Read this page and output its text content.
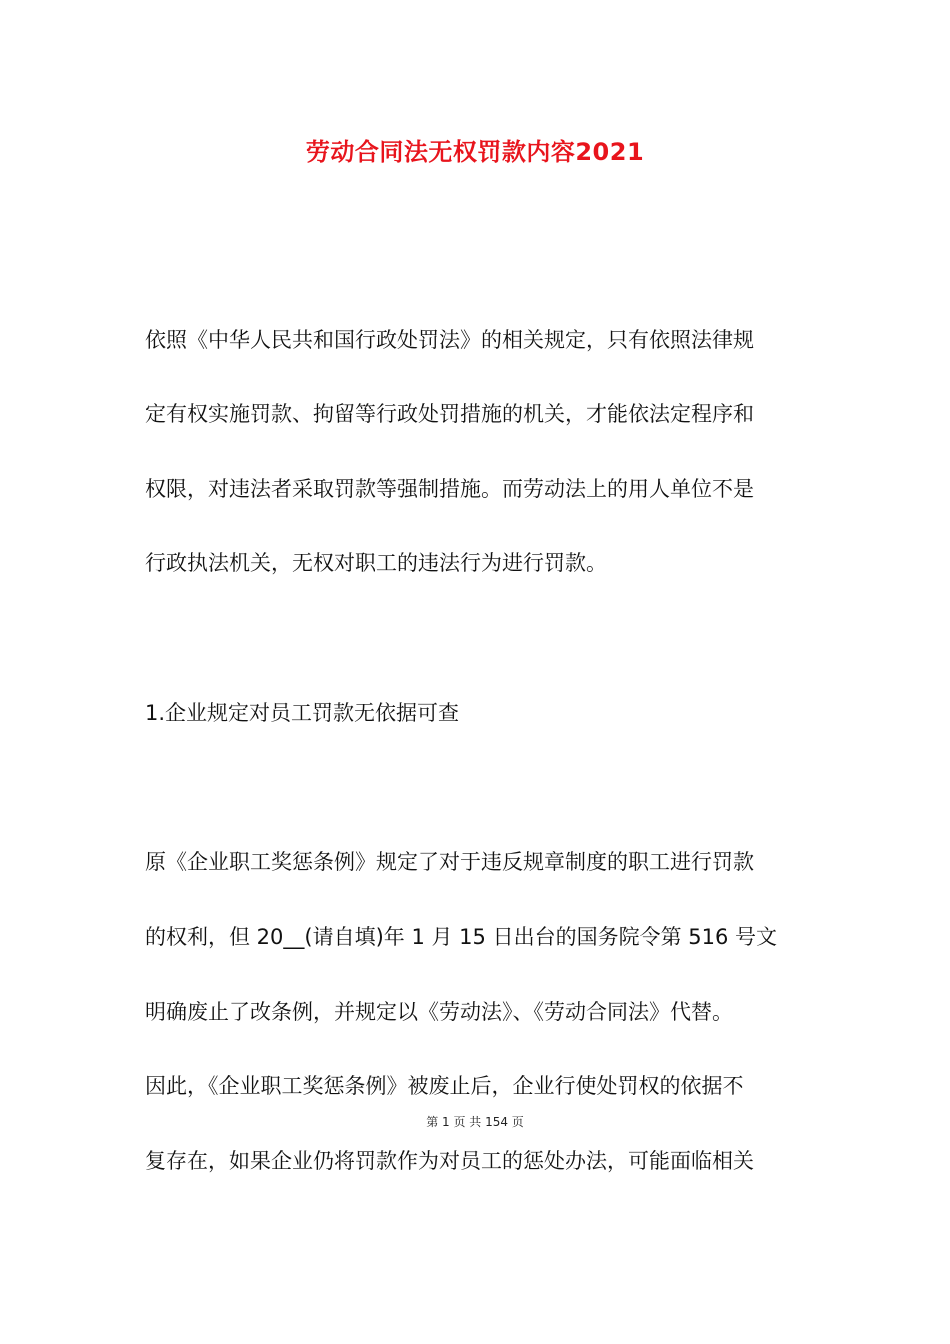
劳动合同法无权罚款内容2021
依照《中华人民共和国行政处罚法》的相关规定，只有依照法律规
定有权实施罚款、拘留等行政处罚措施的机关，才能依法定程序和
权限，对违法者采取罚款等强制措施。而劳动法上的用人单位不是
行政执法机关，无权对职工的违法行为进行罚款。
1.企业规定对员工罚款无依据可查
原《企业职工奖惩条例》规定了对于违反规章制度的职工进行罚款
的权利，但 20__(请自填)年 1 月 15 日出台的国务院令第 516 号文
明确废止了改条例，并规定以《劳动法》、《劳动合同法》代替。
因此，《企业职工奖惩条例》被废止后，企业行使处罚权的依据不
第 1 页 共 154 页
复存在，如果企业仍将罚款作为对员工的惩处办法，可能面临相关
